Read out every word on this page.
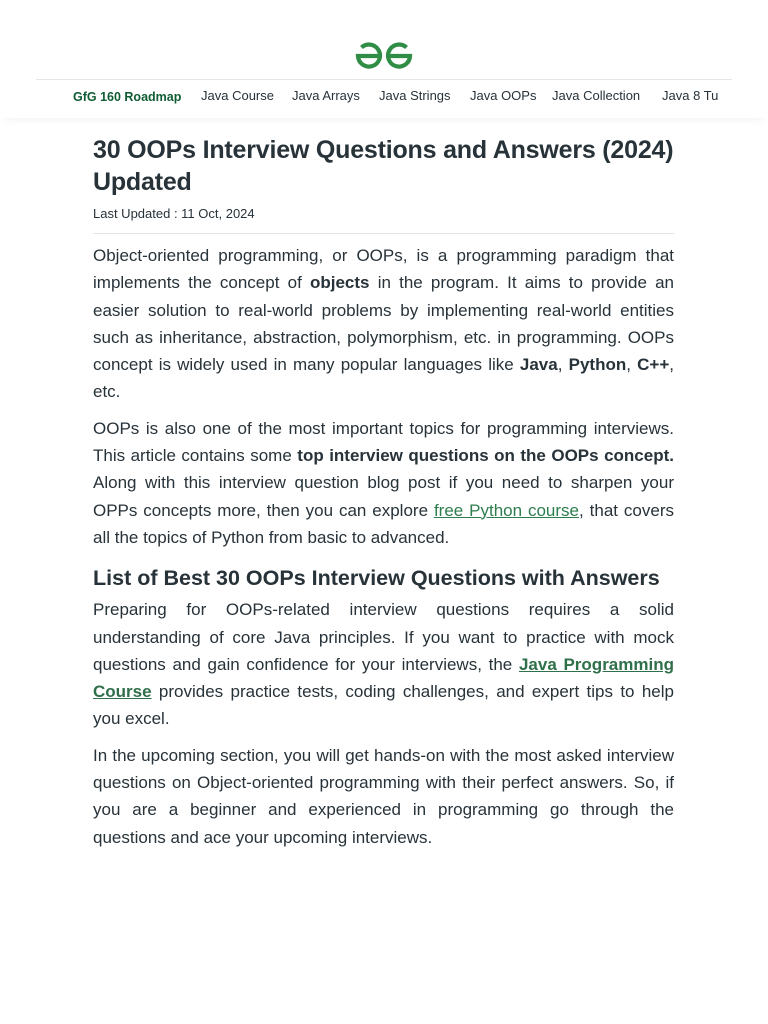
GfG 160 Roadmap Java Course Java Arrays Java Strings Java OOPs Java Collection Java 8 Tu
30 OOPs Interview Questions and Answers (2024) Updated
Last Updated : 11 Oct, 2024

Object-oriented programming, or OOPs, is a programming paradigm that implements the concept of objects in the program. It aims to provide an easier solution to real-world problems by implementing real-world entities such as inheritance, abstraction, polymorphism, etc. in programming. OOPs concept is widely used in many popular languages like Java, Python, C++, etc.

OOPs is also one of the most important topics for programming interviews. This article contains some top interview questions on the OOPs concept. Along with this interview question blog post if you need to sharpen your OPPs concepts more, then you can explore free Python course, that covers all the topics of Python from basic to advanced.

List of Best 30 OOPs Interview Questions with Answers

Preparing for OOPs-related interview questions requires a solid understanding of core Java principles. If you want to practice with mock questions and gain confidence for your interviews, the Java Programming Course provides practice tests, coding challenges, and expert tips to help you excel.

In the upcoming section, you will get hands-on with the most asked interview questions on Object-oriented programming with their perfect answers. So, if you are a beginner and experienced in programming go through the questions and ace your upcoming interviews.
